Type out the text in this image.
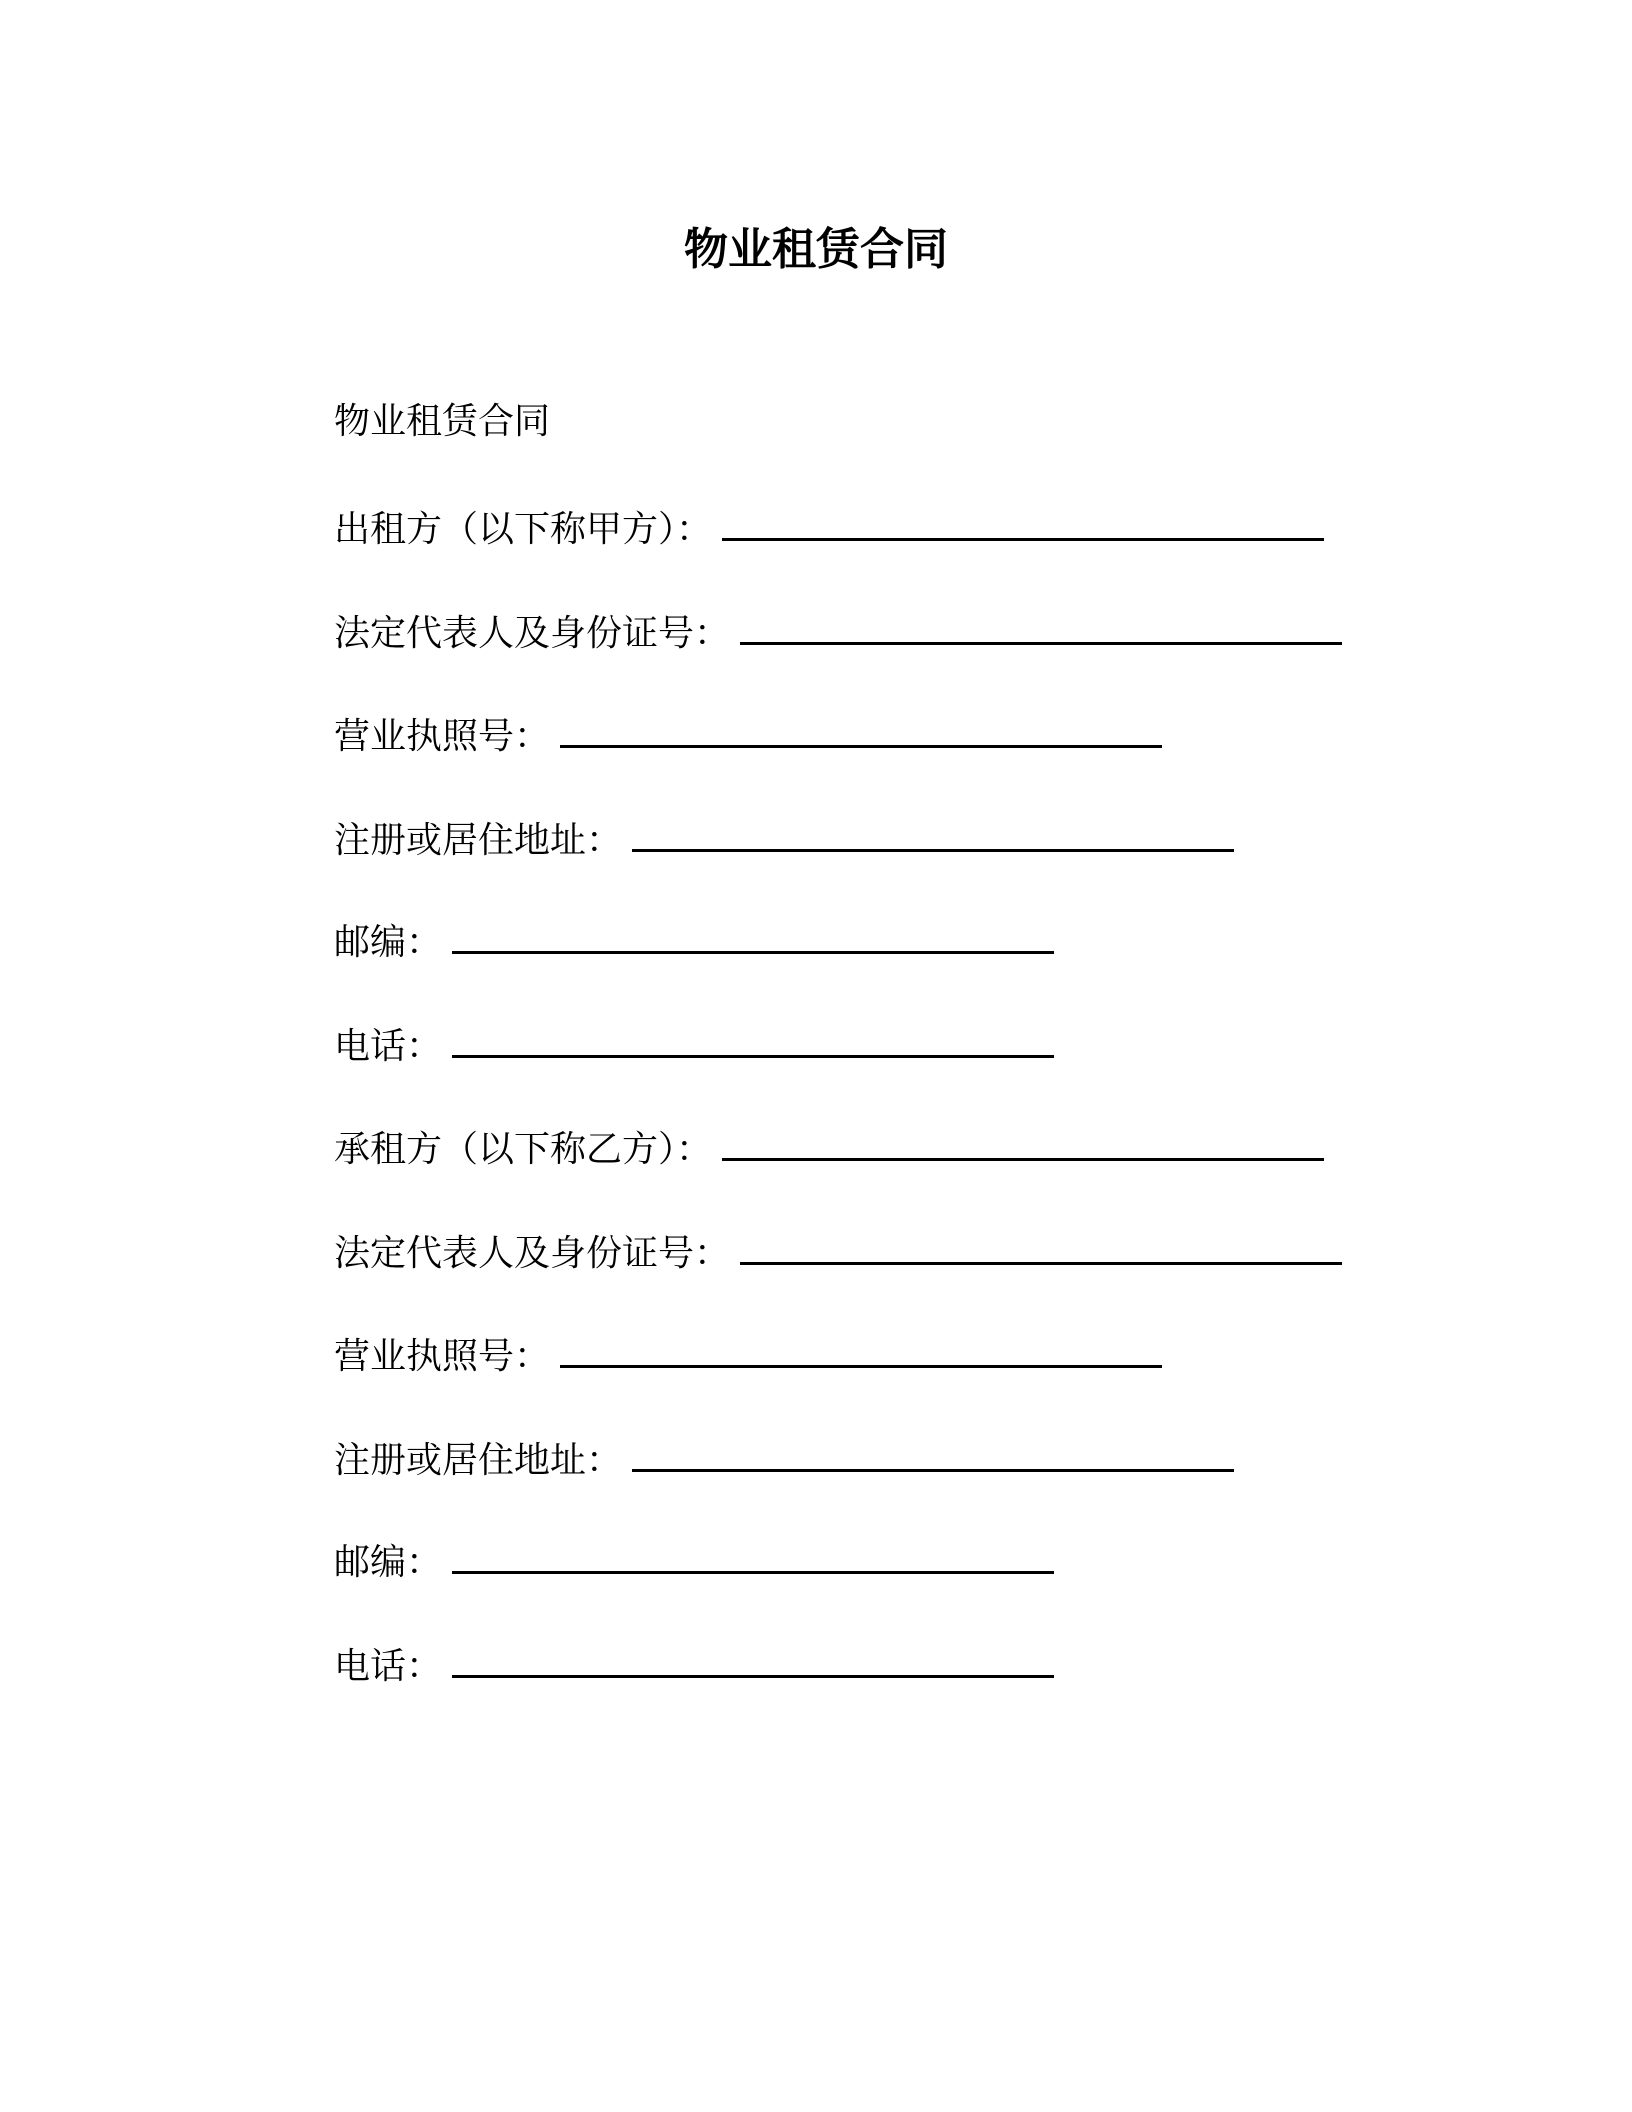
物业租赁合同

物业租赁合同

出租方（以下称甲方）：

法定代表人及身份证号：

营业执照号：

注册或居住地址：

邮编：

电话：

承租方（以下称乙方）：

法定代表人及身份证号：

营业执照号：

注册或居住地址：

邮编：

电话：
